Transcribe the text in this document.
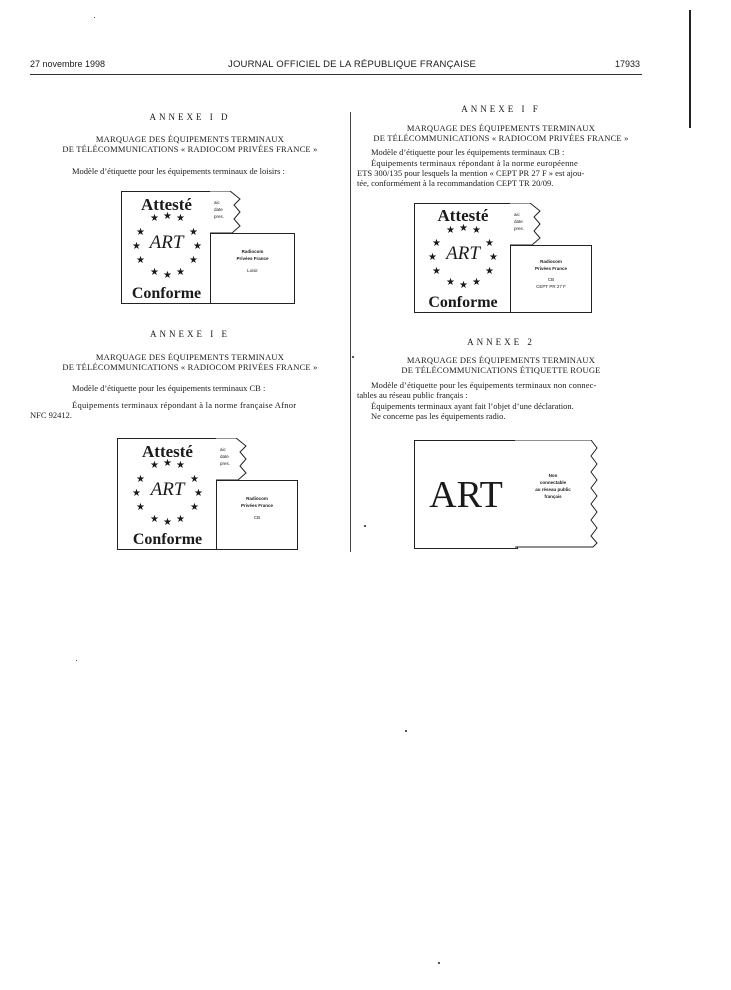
27 novembre 1998	JOURNAL OFFICIEL DE LA RÉPUBLIQUE FRANÇAISE	17933
ANNEXE I D
MARQUAGE DES ÉQUIPEMENTS TERMINAUX
DE TÉLÉCOMMUNICATIONS « RADIOCOM PRIVÉES FRANCE »
Modèle d’étiquette pour les équipements terminaux de loisirs :
Attesté
ART
★ ★ ★
★	★
★	★
★	★
★ ★ ★
Conforme
aic
date
pres.
Radiocom
Privées France
Loisir
ANNEXE I E
MARQUAGE DES ÉQUIPEMENTS TERMINAUX
DE TÉLÉCOMMUNICATIONS « RADIOCOM PRIVÉES FRANCE »
Modèle d’étiquette pour les équipements terminaux CB :
Équipements terminaux répondant à la norme française Afnor
NFC 92412.
Attesté
ART
★ ★ ★
★	★
★	★
★	★
★ ★ ★
Conforme
aic
date
pres.
Radiocom
Privées France
CB
ANNEXE I F
MARQUAGE DES ÉQUIPEMENTS TERMINAUX
DE TÉLÉCOMMUNICATIONS « RADIOCOM PRIVÉES FRANCE »
Modèle d’étiquette pour les équipements terminaux CB :
Équipements terminaux répondant à la norme européenne
ETS 300/135 pour lesquels la mention « CEPT PR 27 F » est ajou-
tée, conformément à la recommandation CEPT TR 20/09.
Attesté
ART
★ ★ ★
★	★
★	★
★	★
★ ★ ★
Conforme
aic
date
pres.
Radiocom
Privées France
CB
CEPT PR 27 F
ANNEXE 2
MARQUAGE DES ÉQUIPEMENTS TERMINAUX
DE TÉLÉCOMMUNICATIONS ÉTIQUETTE ROUGE
Modèle d’étiquette pour les équipements terminaux non connec-
tables au réseau public français :
Équipements terminaux ayant fait l’objet d’une déclaration.
Ne concerne pas les équipements radio.
ART	Non
connectable
au réseau public
français
